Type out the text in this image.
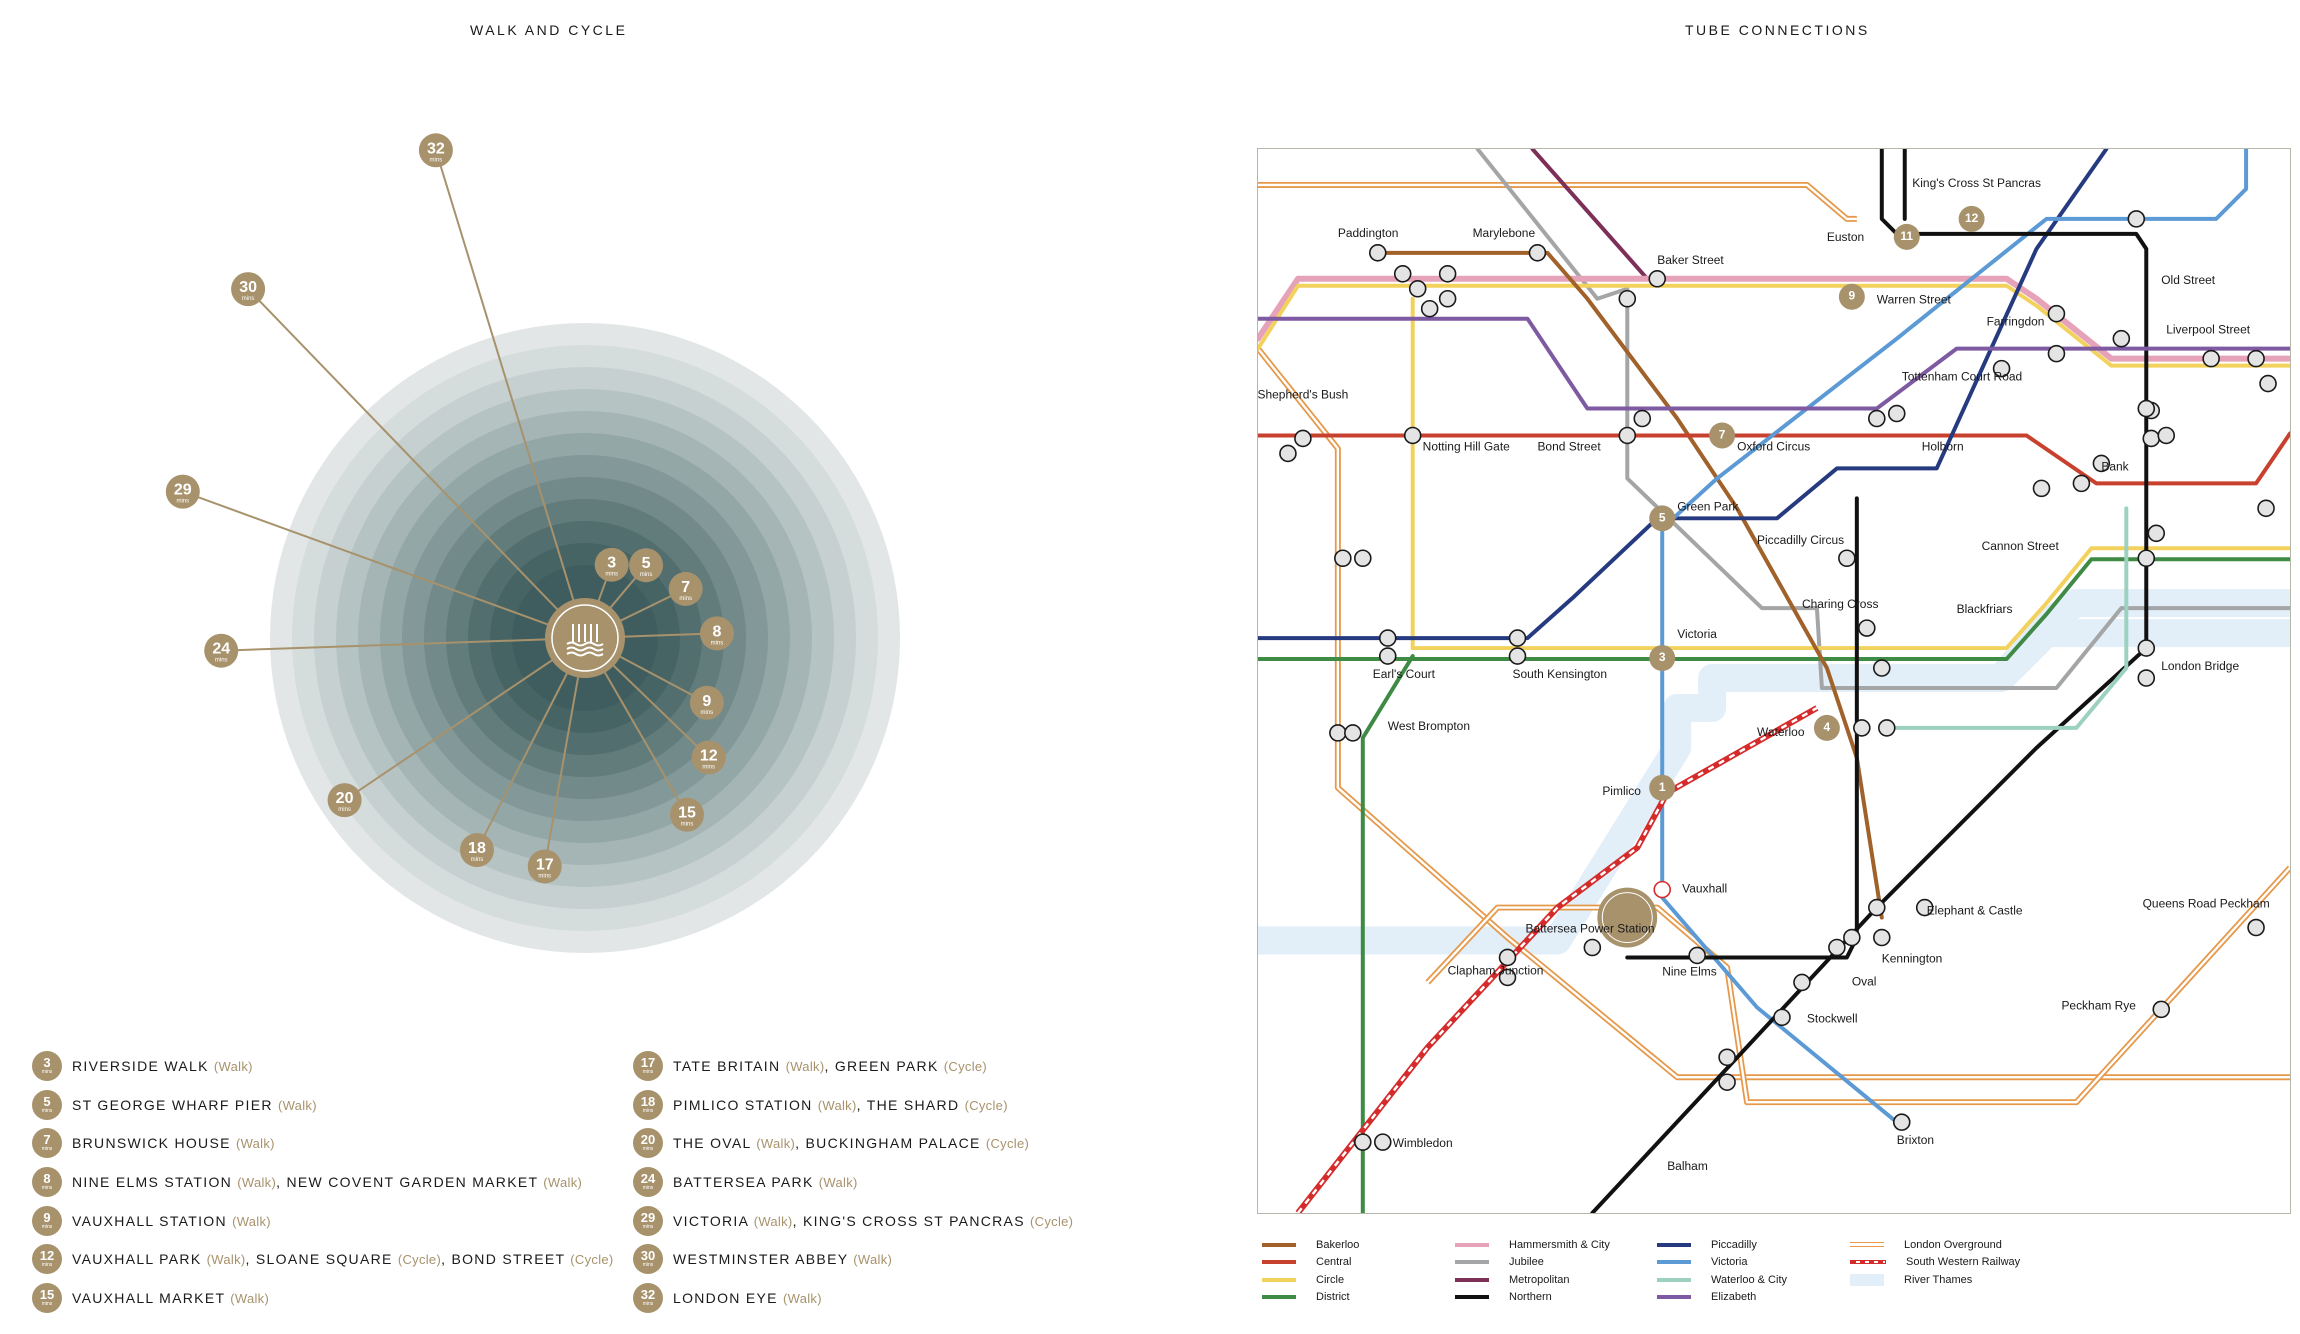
WALK AND CYCLE	TUBE CONNECTIONS
3
mins
5
mins
7
mins
8
mins
9
mins
12
mins
15
mins
17
mins
18
mins
20
mins
24
mins
29
mins
30
mins
32
mins
12
11
9
7
5
3
4
1
Paddington	Marylebone
Baker Street
Euston
King's Cross St Pancras
Old Street
Warren Street
Farringdon
Liverpool Street
Shepherd's Bush
Notting Hill Gate Bond Street	Oxford Circus
Tottenham Court Road
Holborn
Bank
Green Park
Piccadilly Circus	Cannon Street
Charing Cross	Blackfriars
Victoria
Earl's Court	South Kensington
London Bridge
West Brompton	Waterloo
Pimlico
Vauxhall
Elephant & Castle	Queens Road Peckham
Battersea Power Station
Nine Elms
Kennington
Clapham Junction
Oval
Peckham Rye
Stockwell
Brixton
Wimbledon
Balham
3
mins RIVERSIDE WALK (Walk)
5
mins ST GEORGE WHARF PIER (Walk)
7
mins BRUNSWICK HOUSE (Walk)
8
mins NINE ELMS STATION (Walk), NEW COVENT GARDEN MARKET (Walk)
9
mins VAUXHALL STATION (Walk)
12
mins VAUXHALL PARK (Walk), SLOANE SQUARE (Cycle), BOND STREET (Cycle)
15
mins VAUXHALL MARKET (Walk)
17
mins TATE BRITAIN (Walk), GREEN PARK (Cycle)
18
mins PIMLICO STATION (Walk), THE SHARD (Cycle)
20
mins THE OVAL (Walk), BUCKINGHAM PALACE (Cycle)
24
mins BATTERSEA PARK (Walk)
29
mins VICTORIA (Walk), KING'S CROSS ST PANCRAS (Cycle)
30
mins WESTMINSTER ABBEY (Walk)
32
mins LONDON EYE (Walk)
Bakerloo
Central
Circle
District
Hammersmith & City
Jubilee
Metropolitan
Northern
Piccadilly
Victoria
Waterloo & City
Elizabeth
London Overground
South Western Railway
River Thames
